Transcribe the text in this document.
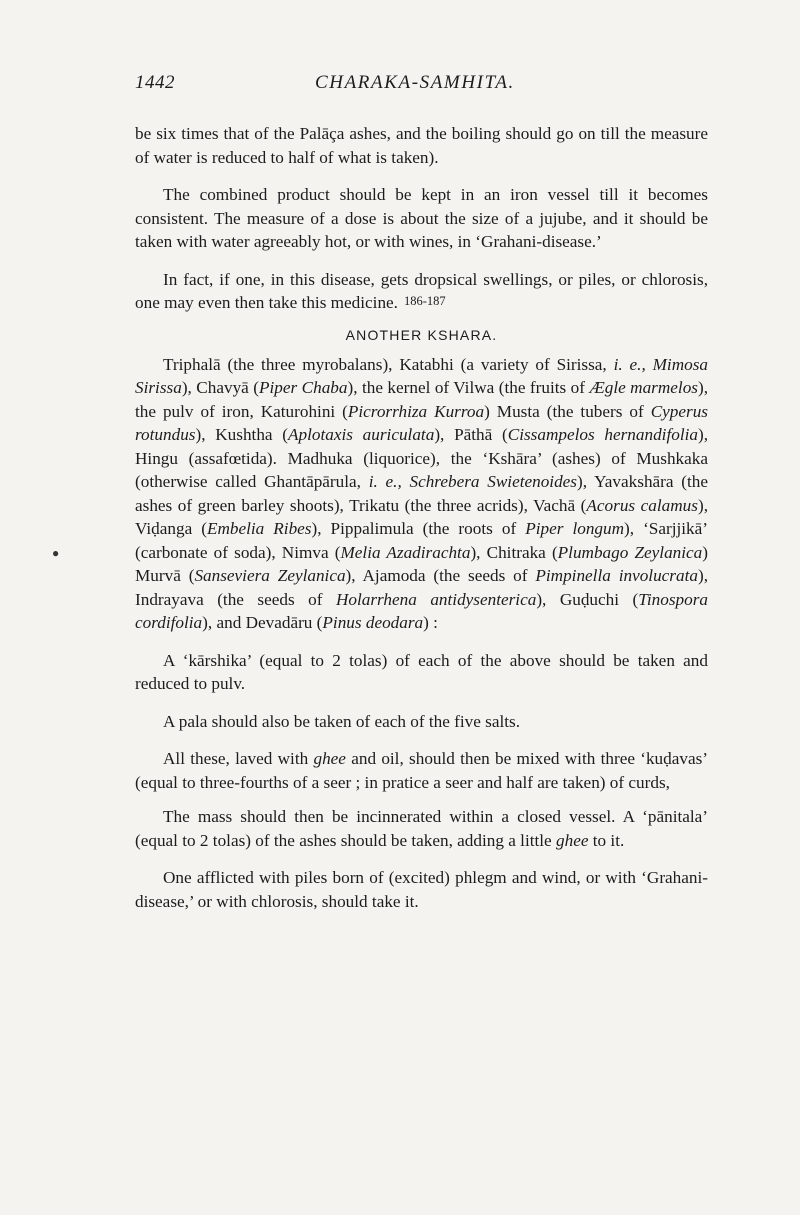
1442	CHARAKA-SAMHITA.
●

be six times that of the Palāça ashes, and the boiling should go on till the measure of water is reduced to half of what is taken).

The combined product should be kept in an iron vessel till it becomes consistent. The measure of a dose is about the size of a jujube, and it should be taken with water agreeably hot, or with wines, in ‘Grahani-disease.’

In fact, if one, in this disease, gets dropsical swellings, or piles, or chlorosis, one may even then take this medicine. 186-187

ANOTHER KSHARA.

Triphalā (the three myrobalans), Katabhi (a variety of Sirissa, i. e., Mimosa Sirissa), Chavyā (Piper Chaba), the kernel of Vilwa (the fruits of Ægle marmelos), the pulv of iron, Katurohini (Picrorrhiza Kurroa) Musta (the tubers of Cyperus rotundus), Kushtha (Aplotaxis auriculata), Pāthā (Cissampelos hernandifolia), Hingu (assafœtida). Madhuka (liquorice), the ‘Kshāra’ (ashes) of Mushkaka (otherwise called Ghantāpārula, i. e., Schrebera Swietenoides), Yavakshāra (the ashes of green barley shoots), Trikatu (the three acrids), Vachā (Acorus calamus), Viḍanga (Embelia Ribes), Pippalimula (the roots of Piper longum), ‘Sarjjikā’ (carbonate of soda), Nimva (Melia Azadirachta), Chitraka (Plumbago Zeylanica) Murvā (Sanseviera Zeylanica), Ajamoda (the seeds of Pimpinella involucrata), Indrayava (the seeds of Holarrhena antidysenterica), Guḍuchi (Tinospora cordifolia), and Devadāru (Pinus deodara) :

A ‘kārshika’ (equal to 2 tolas) of each of the above should be taken and reduced to pulv.

A pala should also be taken of each of the five salts.

All these, laved with ghee and oil, should then be mixed with three ‘kuḍavas’ (equal to three-fourths of a seer ; in pratice a seer and half are taken) of curds,

The mass should then be incinnerated within a closed vessel. A ‘pānitala’ (equal to 2 tolas) of the ashes should be taken, adding a little ghee to it.

One afflicted with piles born of (excited) phlegm and wind, or with ‘Grahani-disease,’ or with chlorosis, should take it.
